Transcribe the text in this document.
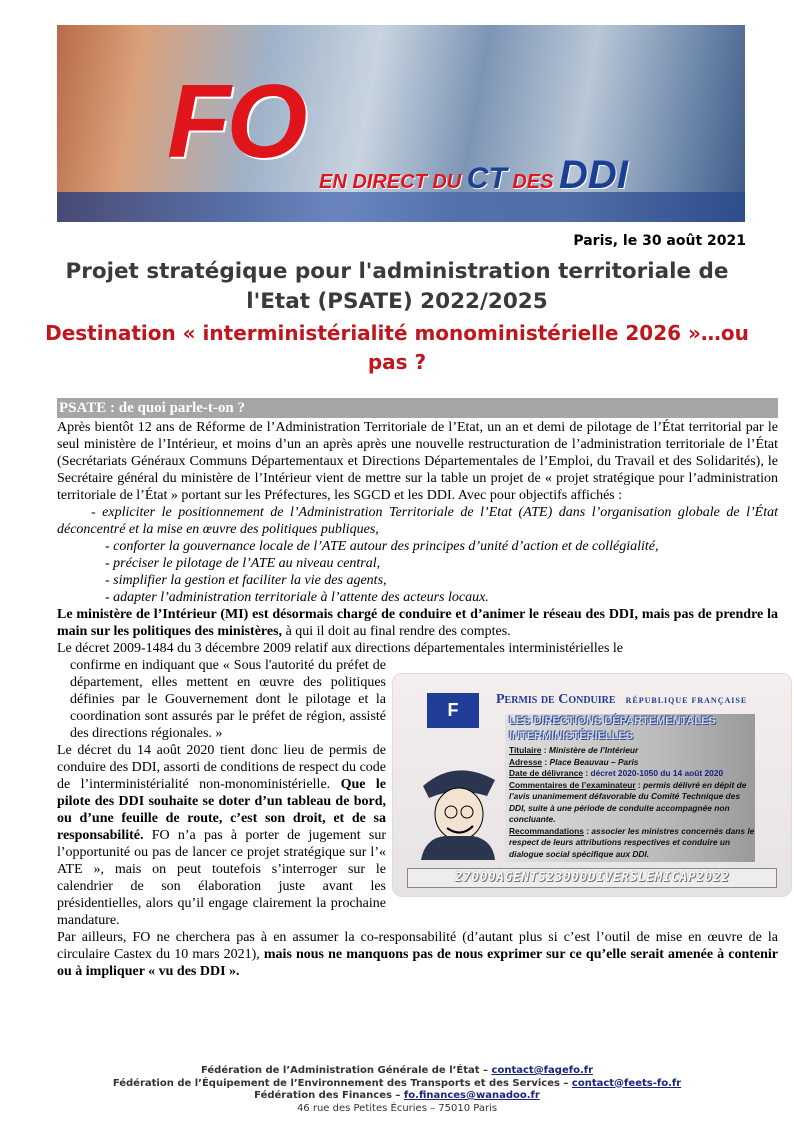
FO
EN DIRECT DU CT DES DDI
Paris, le 30 août 2021
Projet stratégique pour l'administration territoriale de l'Etat (PSATE) 2022/2025
Destination « interministérialité monoministérielle 2026 »…ou pas ?
PSATE : de quoi parle-t-on ?

Après bientôt 12 ans de Réforme de l’Administration Territoriale de l’Etat, un an et demi de pilotage de l’État territorial par le seul ministère de l’Intérieur, et moins d’un an après après une nouvelle restructuration de l’administration territoriale de l’État (Secrétariats Généraux Communs Départementaux et Directions Départementales de l’Emploi, du Travail et des Solidarités), le Secrétaire général du ministère de l’Intérieur vient de mettre sur la table un projet de « projet stratégique pour l’administration territoriale de l’État » portant sur les Préfectures, les SGCD et les DDI. Avec pour objectifs affichés :

- expliciter le positionnement de l’Administration Territoriale de l’Etat (ATE) dans l’organisation globale de l’État déconcentré et la mise en œuvre des politiques publiques,
- conforter la gouvernance locale de l’ATE autour des principes d’unité d’action et de collégialité,
- préciser le pilotage de l’ATE au niveau central,
- simplifier la gestion et faciliter la vie des agents,
- adapter l’administration territoriale à l’attente des acteurs locaux.

Le ministère de l’Intérieur (MI) est désormais chargé de conduire et d’animer le réseau des DDI, mais pas de prendre la main sur les politiques des ministères, à qui il doit au final rendre des comptes.

Le décret 2009-1484 du 3 décembre 2009 relatif aux directions départementales interministérielles le

F
Permis de Conduire RÉPUBLIQUE FRANÇAISE
LES DIRECTIONS DÉPARTEMENTALES INTERMINISTÉRIELLES
Titulaire : Ministère de l’Intérieur
Adresse : Place Beauvau – Paris
Date de délivrance : décret 2020-1050 du 14 août 2020
Commentaires de l’examinateur : permis délivré en dépit de l’avis unanimement défavorable du Comité Technique des DDI, suite à une période de conduite accompagnée non concluante.
Recommandations : associer les ministres concernés dans le respect de leurs attributions respectives et conduire un dialogue social spécifique aux DDI.
27000AGENTS23000DIVERSLEMICAP2022

confirme en indiquant que « Sous l'autorité du préfet de département, elles mettent en œuvre des politiques définies par le Gouvernement dont le pilotage et la coordination sont assurés par le préfet de région, assisté des directions régionales. »

Le décret du 14 août 2020 tient donc lieu de permis de conduire des DDI, assorti de conditions de respect du code de l’interministérialité non-monoministérielle. Que le pilote des DDI souhaite se doter d’un tableau de bord, ou d’une feuille de route, c’est son droit, et de sa responsabilité. FO n’a pas à porter de jugement sur l’opportunité ou pas de lancer ce projet stratégique sur l’« ATE », mais on peut toutefois s’interroger sur le calendrier de son élaboration juste avant les présidentielles, alors qu’il engage clairement la prochaine mandature.

Par ailleurs, FO ne cherchera pas à en assumer la co-responsabilité (d’autant plus si c’est l’outil de mise en œuvre de la circulaire Castex du 10 mars 2021), mais nous ne manquons pas de nous exprimer sur ce qu’elle serait amenée à contenir ou à impliquer « vu des DDI ».

Fédération de l’Administration Générale de l’État – contact@fagefo.fr
Fédération de l’Équipement de l’Environnement des Transports et des Services – contact@feets-fo.fr
Fédération des Finances – fo.finances@wanadoo.fr
46 rue des Petites Écuries – 75010 Paris
